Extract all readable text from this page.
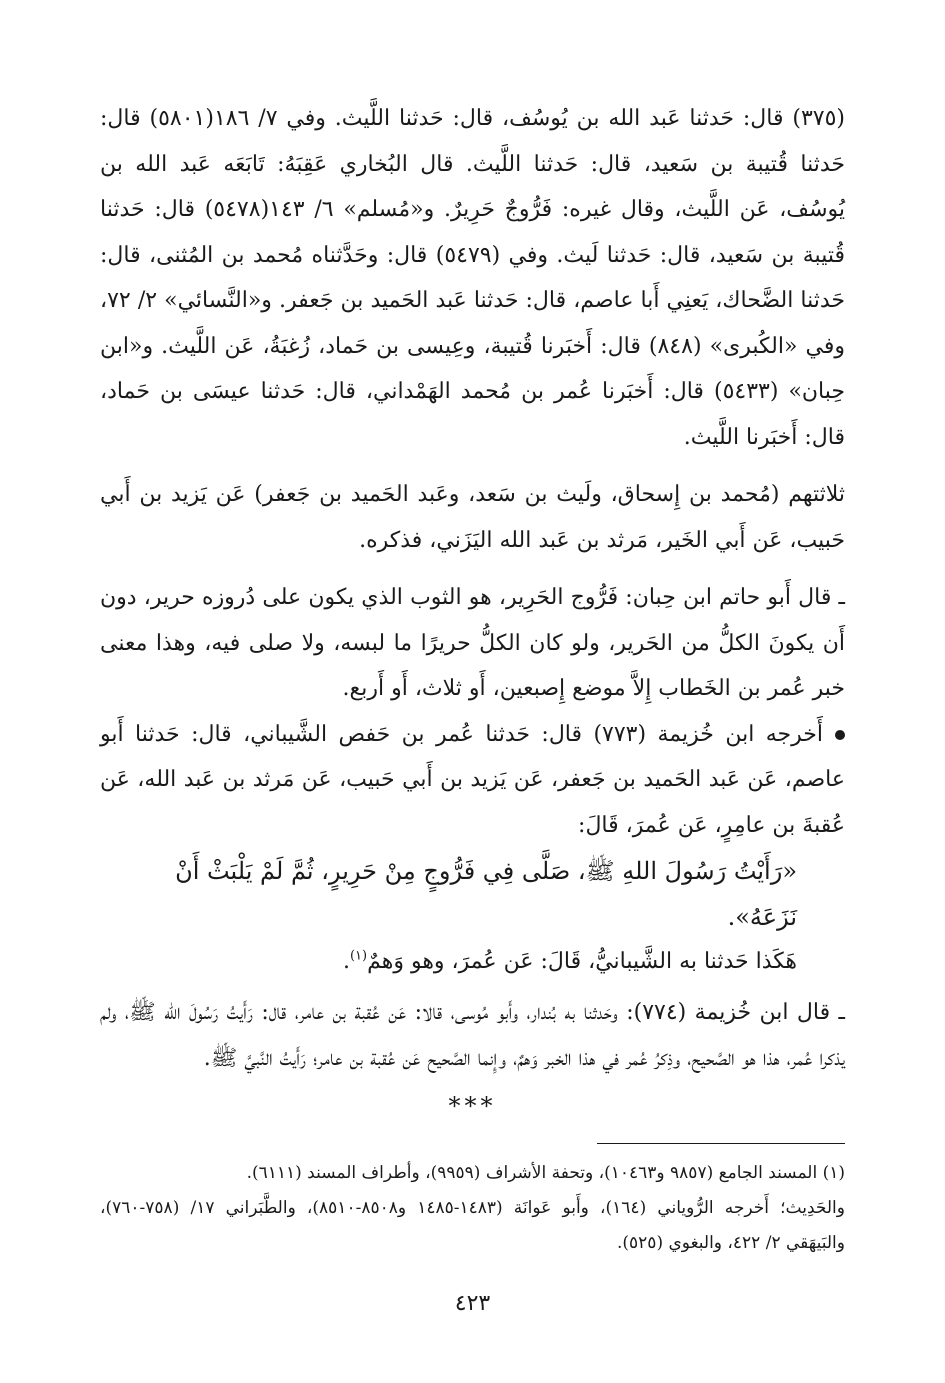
(٣٧٥) قال: حَدثنا عَبد الله بن يُوسُف، قال: حَدثنا اللَّيث. وفي ٧/ ١٨٦(٥٨٠١) قال: حَدثنا قُتيبة بن سَعيد، قال: حَدثنا اللَّيث. قال البُخاري عَقِبَهُ: تَابَعَه عَبد الله بن يُوسُف، عَن اللَّيث، وقال غيره: فَرُّوجٌ حَرِيرٌ. و«مُسلم» ٦/ ١٤٣(٥٤٧٨) قال: حَدثنا قُتيبة بن سَعيد، قال: حَدثنا لَيث. وفي (٥٤٧٩) قال: وحَدَّثناه مُحمد بن المُثنى، قال: حَدثنا الضَّحاك، يَعنِي أَبا عاصم، قال: حَدثنا عَبد الحَميد بن جَعفر. و«النَّسائي» ٢/ ٧٢، وفي «الكُبرى» (٨٤٨) قال: أَخبَرنا قُتيبة، وعِيسى بن حَماد، زُغبَةُ، عَن اللَّيث. و«ابن حِبان» (٥٤٣٣) قال: أَخبَرنا عُمر بن مُحمد الهَمْداني، قال: حَدثنا عيسَى بن حَماد، قال: أَخبَرنا اللَّيث.

ثلاثتهم (مُحمد بن إِسحاق، ولَيث بن سَعد، وعَبد الحَميد بن جَعفر) عَن يَزيد بن أَبي حَبيب، عَن أَبي الخَير، مَرثد بن عَبد الله اليَزَني، فذكره.

ـ قال أَبو حاتم ابن حِبان: فَرُّوج الحَرِير، هو الثوب الذي يكون على دُروزه حرير، دون أَن يكونَ الكلُّ من الحَرير، ولو كان الكلُّ حريرًا ما لبسه، ولا صلى فيه، وهذا معنى خبر عُمر بن الخَطاب إِلاَّ موضع إِصبعين، أَو ثلاث، أَو أَربع.

أَخرجه ابن خُزيمة (٧٧٣) قال: حَدثنا عُمر بن حَفص الشَّيباني، قال: حَدثنا أَبو عاصم، عَن عَبد الحَميد بن جَعفر، عَن يَزيد بن أَبي حَبيب، عَن مَرثد بن عَبد الله، عَن عُقبةَ بن عامِرٍ، عَن عُمرَ، قَالَ:

«رَأَيْتُ رَسُولَ اللهِ ﷺ، صَلَّى فِي فَرُّوجٍ مِنْ حَرِيرٍ، ثُمَّ لَمْ يَلْبَثْ أَنْ نَزَعَهُ».

هَكَذا حَدثنا به الشَّيبانيُّ، قَالَ: عَن عُمرَ، وهو وَهمٌ$^{(١)}$.

ـ قال ابن خُزيمة (٧٧٤): وحَدثنا به بُندار، وأَبو مُوسى، قالا: عَن عُقبة بن عامر، قال: رَأَيتُ رَسُولَ الله ﷺ، ولم يذكرا عُمر، هذا هو الصَّحيح، وذِكرُ عُمر في هذا الخبر وَهمٌ، وإِنما الصَّحيح عَن عُقبة بن عامر؛ رَأَيتُ النَّبيَّ ﷺ.

***

(١) المسند الجامع (٩٨٥٧ و١٠٤٦٣)، وتحفة الأشراف (٩٩٥٩)، وأطراف المسند (٦١١١).

والحَدِيث؛ أَخرجه الرُّوياني (١٦٤)، وأَبو عَوانَة (١٤٨٣-١٤٨٥ و٨٥٠٨-٨٥١٠)، والطَّبَراني ١٧/ (٧٥٨-٧٦٠)، والبَيهَقي ٢/ ٤٢٢، والبغوي (٥٢٥).

٤٢٣
